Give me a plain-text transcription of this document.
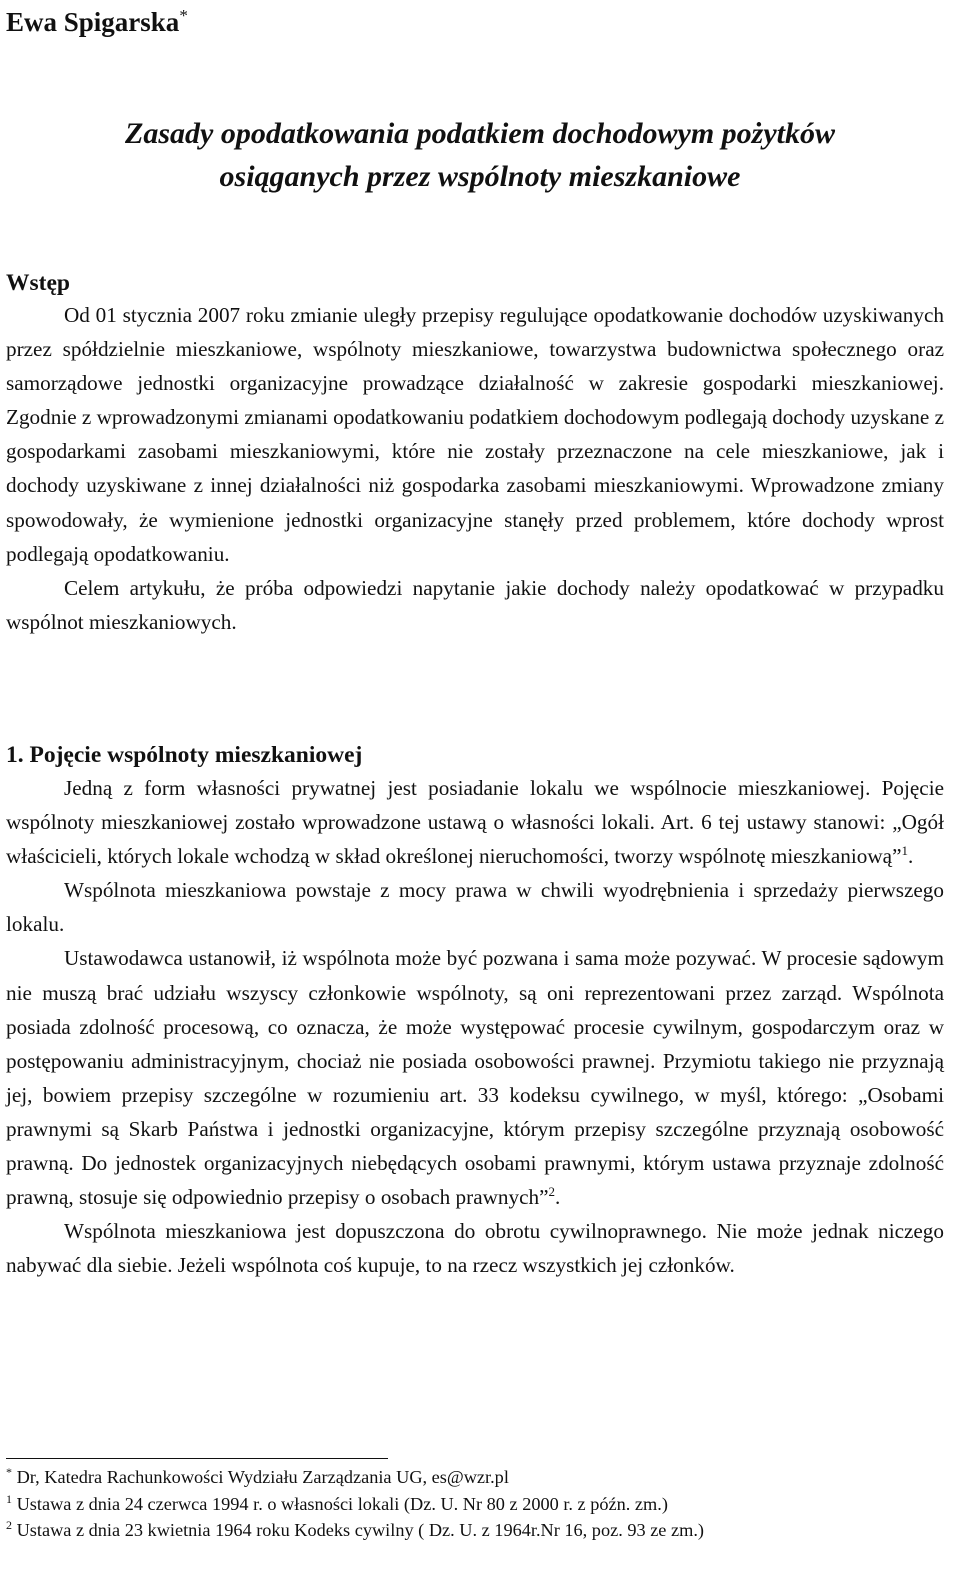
Ewa Spigarska*
Zasady opodatkowania podatkiem dochodowym pożytków
osiąganych przez wspólnoty mieszkaniowe
Wstęp

Od 01 stycznia 2007 roku zmianie uległy przepisy regulujące opodatkowanie dochodów uzyskiwanych przez spółdzielnie mieszkaniowe, wspólnoty mieszkaniowe, towarzystwa budownictwa społecznego oraz samorządowe jednostki organizacyjne prowadzące działalność w zakresie gospodarki mieszkaniowej. Zgodnie z wprowadzonymi zmianami opodatkowaniu podatkiem dochodowym podlegają dochody uzyskane z gospodarkami zasobami mieszkaniowymi, które nie zostały przeznaczone na cele mieszkaniowe, jak i dochody uzyskiwane z innej działalności niż gospodarka zasobami mieszkaniowymi. Wprowadzone zmiany spowodowały, że wymienione jednostki organizacyjne stanęły przed problemem, które dochody wprost podlegają opodatkowaniu.

Celem artykułu, że próba odpowiedzi napytanie jakie dochody należy opodatkować w przypadku wspólnot mieszkaniowych.

1. Pojęcie wspólnoty mieszkaniowej

Jedną z form własności prywatnej jest posiadanie lokalu we wspólnocie mieszkaniowej. Pojęcie wspólnoty mieszkaniowej zostało wprowadzone ustawą o własności lokali. Art. 6 tej ustawy stanowi: „Ogół właścicieli, których lokale wchodzą w skład określonej nieruchomości, tworzy wspólnotę mieszkaniową”$^1$.

Wspólnota mieszkaniowa powstaje z mocy prawa w chwili wyodrębnienia i sprzedaży pierwszego lokalu.

Ustawodawca ustanowił, iż wspólnota może być pozwana i sama może pozywać. W procesie sądowym nie muszą brać udziału wszyscy członkowie wspólnoty, są oni reprezentowani przez zarząd. Wspólnota posiada zdolność procesową, co oznacza, że może występować procesie cywilnym, gospodarczym oraz w postępowaniu administracyjnym, chociaż nie posiada osobowości prawnej. Przymiotu takiego nie przyznają jej, bowiem przepisy szczególne w rozumieniu art. 33 kodeksu cywilnego, w myśl, którego: „Osobami prawnymi są Skarb Państwa i jednostki organizacyjne, którym przepisy szczególne przyznają osobowość prawną. Do jednostek organizacyjnych niebędących osobami prawnymi, którym ustawa przyznaje zdolność prawną, stosuje się odpowiednio przepisy o osobach prawnych”$^2$.

Wspólnota mieszkaniowa jest dopuszczona do obrotu cywilnoprawnego. Nie może jednak niczego nabywać dla siebie. Jeżeli wspólnota coś kupuje, to na rzecz wszystkich jej członków.

* Dr, Katedra Rachunkowości Wydziału Zarządzania UG, es@wzr.pl
$^1$ Ustawa z dnia 24 czerwca 1994 r. o własności lokali (Dz. U. Nr 80 z 2000 r. z późn. zm.)
$^2$ Ustawa z dnia 23 kwietnia 1964 roku Kodeks cywilny ( Dz. U. z 1964r.Nr 16, poz. 93 ze zm.)
